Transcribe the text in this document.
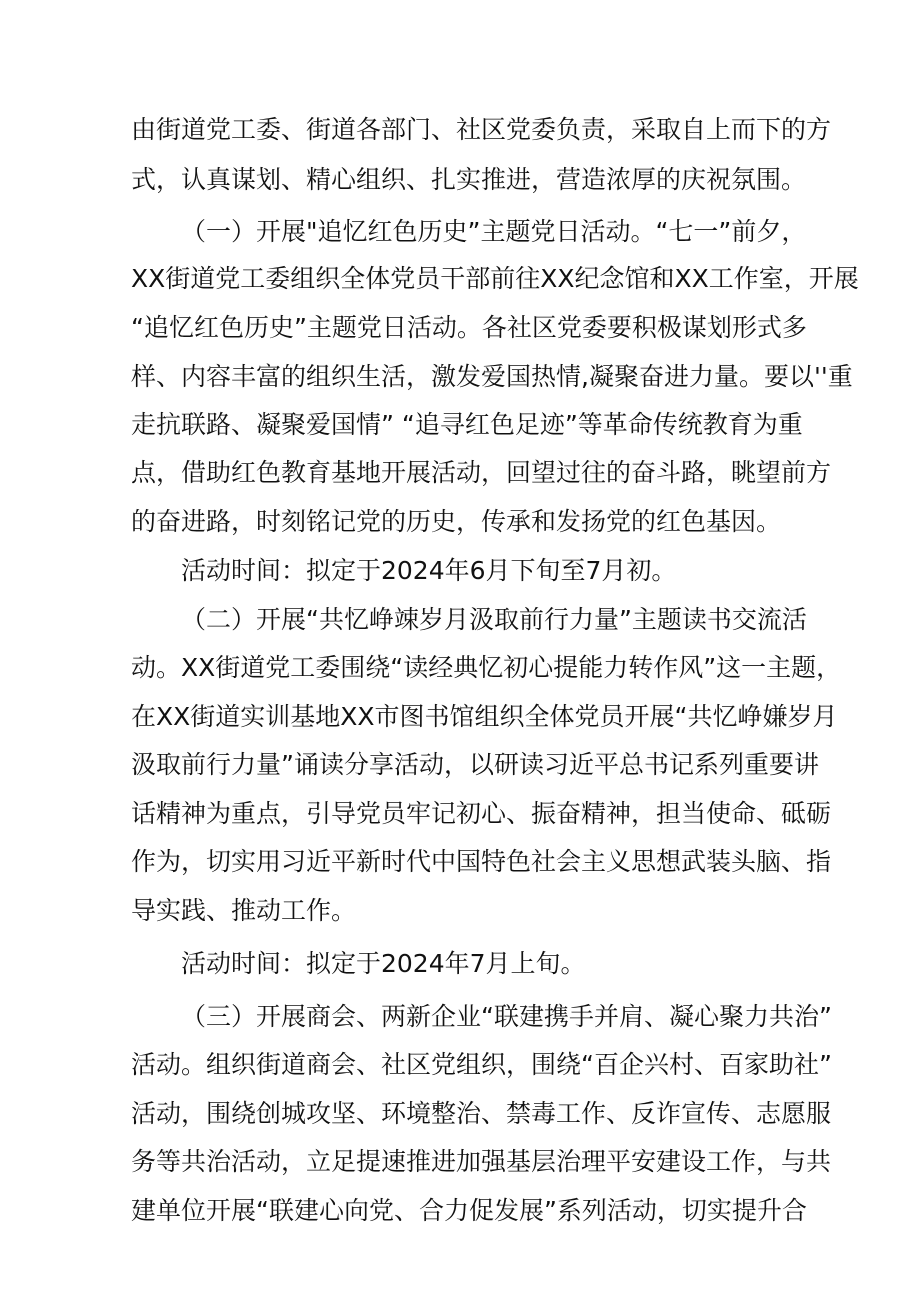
由街道党工委、街道各部门、社区党委负责，采取自上而下的方
式，认真谋划、精心组织、扎实推进，营造浓厚的庆祝氛围。
（一）开展"追忆红色历史”主题党日活动。“七一”前夕，
XX街道党工委组织全体党员干部前往XX纪念馆和XX工作室，开展
“追忆红色历史”主题党日活动。各社区党委要积极谋划形式多
样、内容丰富的组织生活，激发爱国热情,凝聚奋进力量。要以''重
走抗联路、凝聚爱国情” “追寻红色足迹”等革命传统教育为重
点，借助红色教育基地开展活动，回望过往的奋斗路，眺望前方
的奋进路，时刻铭记党的历史，传承和发扬党的红色基因。
活动时间：拟定于2024年6月下旬至7月初。
（二）开展“共忆峥竦岁月汲取前行力量”主题读书交流活
动。XX街道党工委围绕“读经典忆初心提能力转作风”这一主题，
在XX街道实训基地XX市图书馆组织全体党员开展“共忆峥嫌岁月
汲取前行力量”诵读分享活动，以研读习近平总书记系列重要讲
话精神为重点，引导党员牢记初心、振奋精神，担当使命、砥砺
作为，切实用习近平新时代中国特色社会主义思想武装头脑、指
导实践、推动工作。
活动时间：拟定于2024年7月上旬。
（三）开展商会、两新企业“联建携手并肩、凝心聚力共治”
活动。组织街道商会、社区党组织，围绕“百企兴村、百家助社”
活动，围绕创城攻坚、环境整治、禁毒工作、反诈宣传、志愿服
务等共治活动，立足提速推进加强基层治理平安建设工作，与共
建单位开展“联建心向党、合力促发展”系列活动，切实提升合
